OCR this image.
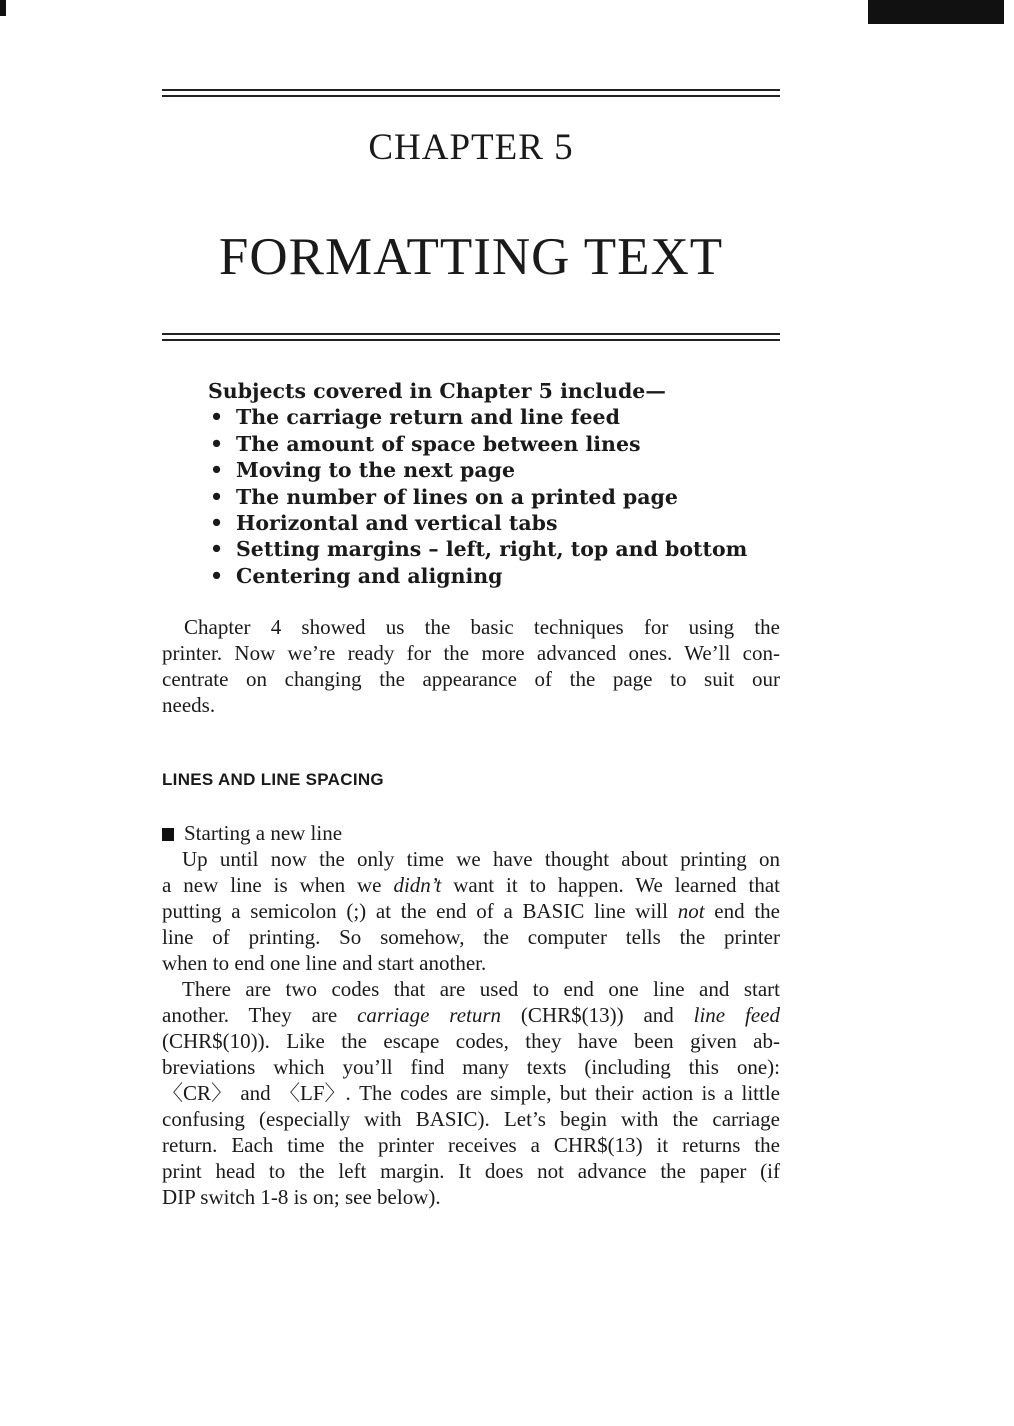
CHAPTER 5
FORMATTING TEXT
Subjects covered in Chapter 5 include—
• The carriage return and line feed
• The amount of space between lines
• Moving to the next page
• The number of lines on a printed page
• Horizontal and vertical tabs
• Setting margins – left, right, top and bottom
• Centering and aligning
Chapter 4 showed us the basic techniques for using the
printer. Now we’re ready for the more advanced ones. We’ll con-
centrate on changing the appearance of the page to suit our
needs.
LINES AND LINE SPACING
Starting a new line
Up until now the only time we have thought about printing on
a new line is when we didn’t want it to happen. We learned that
putting a semicolon (;) at the end of a BASIC line will not end the
line of printing. So somehow, the computer tells the printer
when to end one line and start another.
There are two codes that are used to end one line and start
another. They are carriage return (CHR$(13)) and line feed
(CHR$(10)). Like the escape codes, they have been given ab-
breviations which you’ll find many texts (including this one):
〈CR〉 and 〈LF〉. The codes are simple, but their action is a little
confusing (especially with BASIC). Let’s begin with the carriage
return. Each time the printer receives a CHR$(13) it returns the
print head to the left margin. It does not advance the paper (if
DIP switch 1-8 is on; see below).
